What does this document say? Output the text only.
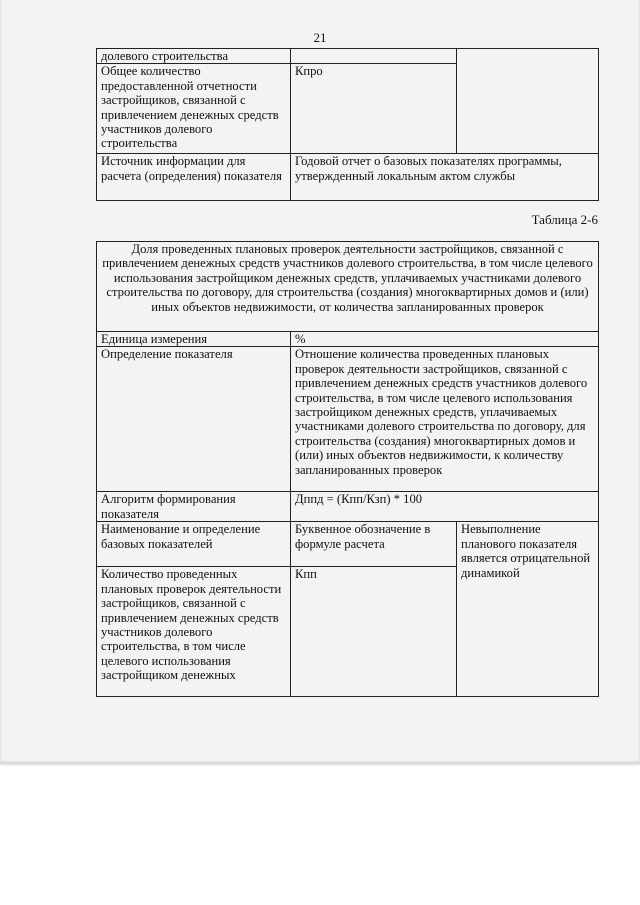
21
долевого строительства		
Общее количество предоставленной отчетности застройщиков, связанной с привлечением денежных средств участников долевого строительства	Кпро	
Источник информации для расчета (определения) показателя	Годовой отчет о базовых показателях программы, утвержденный локальным актом службы	
Таблица 2-6
Доля проведенных плановых проверок деятельности застройщиков, связанной с привлечением денежных средств участников долевого строительства, в том числе целевого использования застройщиком денежных средств, уплачиваемых участниками долевого строительства по договору, для строительства (создания) многоквартирных домов и (или) иных объектов недвижимости, от количества запланированных проверок		
Единица измерения	%	
Определение показателя	Отношение количества проведенных плановых проверок деятельности застройщиков, связанной с привлечением денежных средств участников долевого строительства, в том числе целевого использования застройщиком денежных средств, уплачиваемых участниками долевого строительства по договору, для строительства (создания) многоквартирных домов и (или) иных объектов недвижимости, к количеству запланированных проверок	
Алгоритм формирования показателя	Дппд = (Кпп/Кзп) * 100	
Наименование и определение базовых показателей	Буквенное обозначение в формуле расчета	Невыполнение планового показателя является отрицательной динамикой
Количество проведенных плановых проверок деятельности застройщиков, связанной с привлечением денежных средств участников долевого строительства, в том числе целевого использования застройщиком денежных	Кпп	
